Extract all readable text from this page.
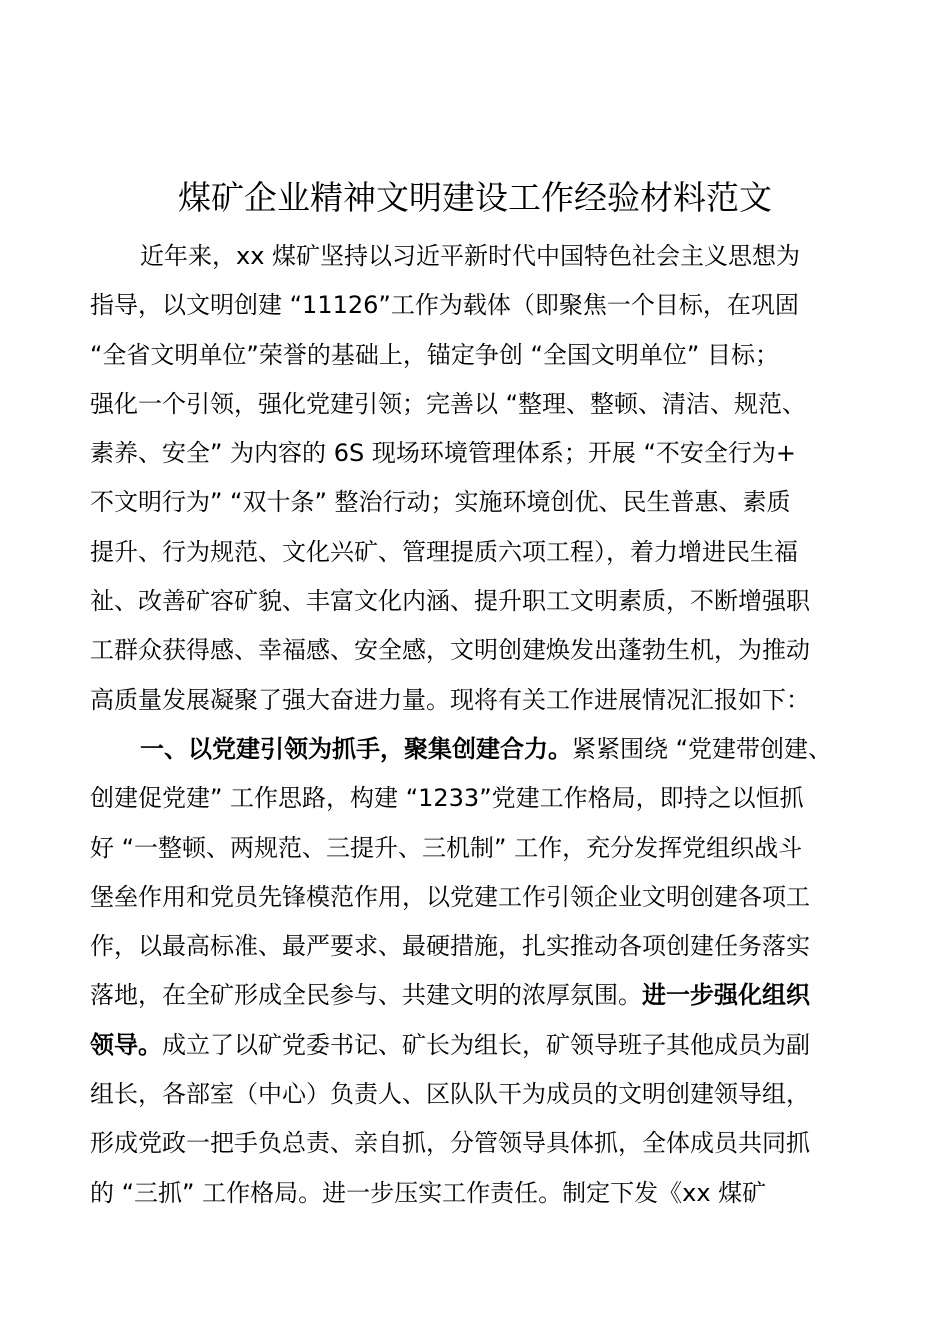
煤矿企业精神文明建设工作经验材料范文
近年来，xx 煤矿坚持以习近平新时代中国特色社会主义思想为
指导，以文明创建 “11126”工作为载体（即聚焦一个目标，在巩固
“全省文明单位”荣誉的基础上，锚定争创 “全国文明单位” 目标；
强化一个引领，强化党建引领；完善以 “整理、整顿、清洁、规范、
素养、安全” 为内容的 6S 现场环境管理体系；开展 “不安全行为+
不文明行为” “双十条” 整治行动；实施环境创优、民生普惠、素质
提升、行为规范、文化兴矿、管理提质六项工程），着力增进民生福
祉、改善矿容矿貌、丰富文化内涵、提升职工文明素质，不断增强职
工群众获得感、幸福感、安全感，文明创建焕发出蓬勃生机，为推动
高质量发展凝聚了强大奋进力量。现将有关工作进展情况汇报如下：
一、以党建引领为抓手，聚集创建合力。紧紧围绕 “党建带创建、
创建促党建” 工作思路，构建 “1233”党建工作格局，即持之以恒抓
好 “一整顿、两规范、三提升、三机制” 工作，充分发挥党组织战斗
堡垒作用和党员先锋模范作用，以党建工作引领企业文明创建各项工
作，以最高标准、最严要求、最硬措施，扎实推动各项创建任务落实
落地，在全矿形成全民参与、共建文明的浓厚氛围。进一步强化组织
领导。成立了以矿党委书记、矿长为组长，矿领导班子其他成员为副
组长，各部室（中心）负责人、区队队干为成员的文明创建领导组，
形成党政一把手负总责、亲自抓，分管领导具体抓，全体成员共同抓
的 “三抓” 工作格局。进一步压实工作责任。制定下发《xx 煤矿
